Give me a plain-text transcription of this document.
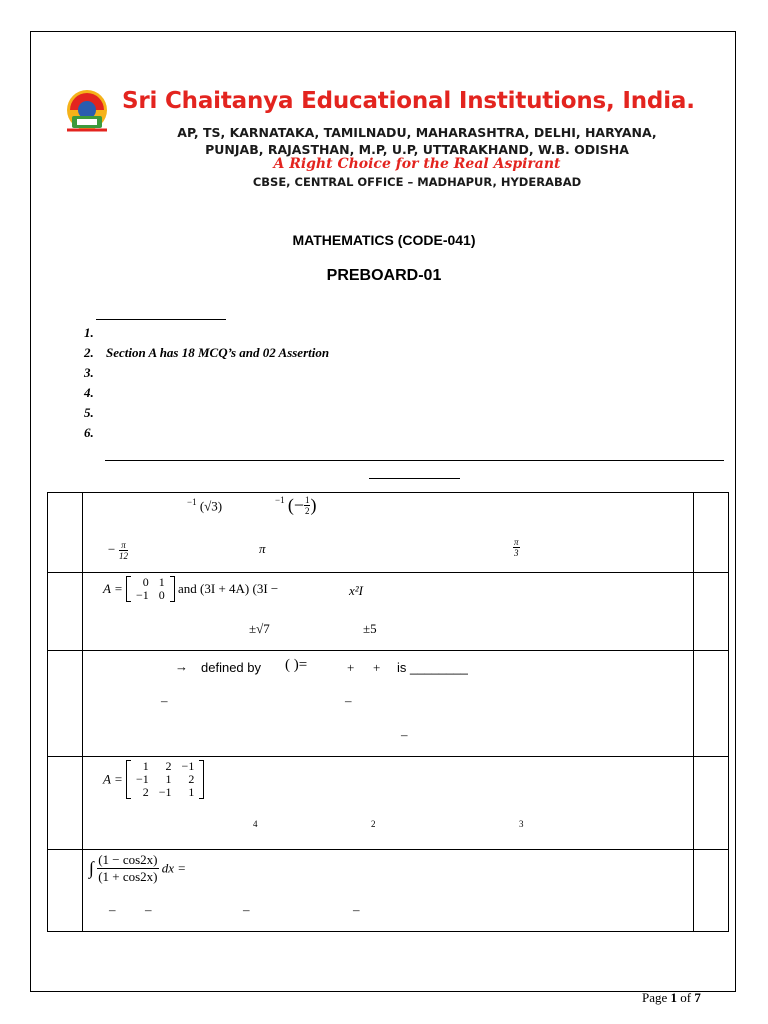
Sri Chaitanya Educational Institutions, India.
AP, TS, KARNATAKA, TAMILNADU, MAHARASHTRA, DELHI, HARYANA,
PUNJAB, RAJASTHAN, M.P, U.P, UTTARAKHAND, W.B. ODISHA
A Right Choice for the Real Aspirant
CBSE, CENTRAL OFFICE – MADHAPUR, HYDERABAD
MATHEMATICS (CODE-041)
PREBOARD-01
1.
2. Section A has 18 MCQ’s and 02 Assertion
3.
4.
5.
6.

$^{-1}$ (√3)	$^{-1}$ (− $\frac{1}{2}$ )
− $\frac{\pi}{12}$	π	$\frac{\pi}{3}$

A = 0	1
−1	0 and (3I + 4A) (3I −	x²I
±√7	±5

→ defined by ( )=	+ + is ________
–	–
–

A =
1	2	−1
−1	1	2
2	−1	1
4	2	3

∫ $\frac{(1 - \cos 2x)}{(1 + \cos 2x)}$ dx =
– –	–	–

Page 1 of 7
